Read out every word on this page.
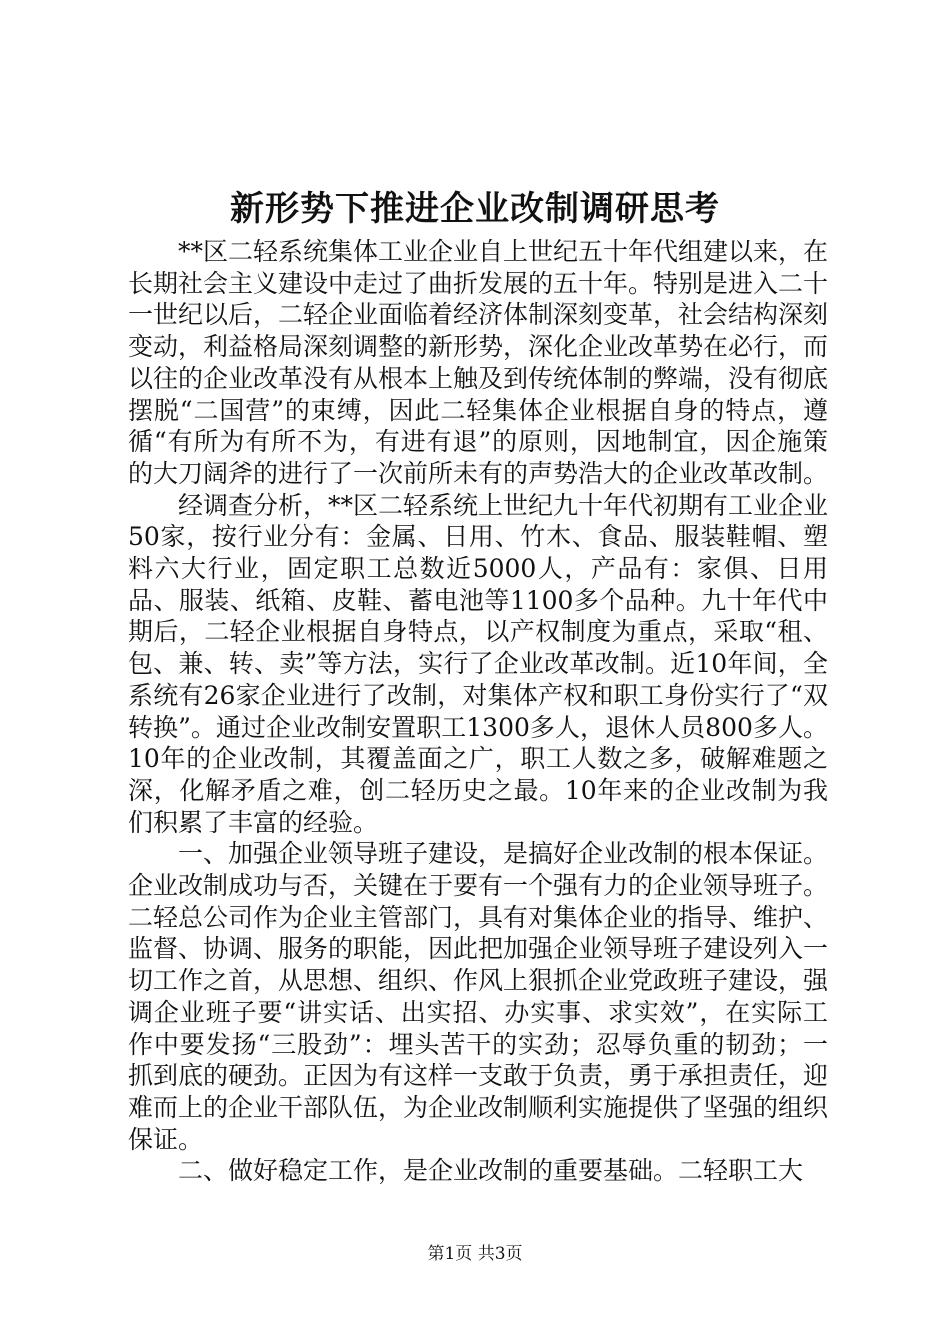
新形势下推进企业改制调研思考

**区二轻系统集体工业企业自上世纪五十年代组建以来，在长期社会主义建设中走过了曲折发展的五十年。特别是进入二十一世纪以后，二轻企业面临着经济体制深刻变革，社会结构深刻变动，利益格局深刻调整的新形势，深化企业改革势在必行，而以往的企业改革没有从根本上触及到传统体制的弊端，没有彻底摆脱“二国营”的束缚，因此二轻集体企业根据自身的特点，遵循“有所为有所不为，有进有退”的原则，因地制宜，因企施策的大刀阔斧的进行了一次前所未有的声势浩大的企业改革改制。

经调查分析，**区二轻系统上世纪九十年代初期有工业企业50家，按行业分有：金属、日用、竹木、食品、服装鞋帽、塑料六大行业，固定职工总数近5000人，产品有：家俱、日用品、服装、纸箱、皮鞋、蓄电池等1100多个品种。九十年代中期后，二轻企业根据自身特点，以产权制度为重点，采取“租、包、兼、转、卖”等方法，实行了企业改革改制。近10年间，全系统有26家企业进行了改制，对集体产权和职工身份实行了“双转换”。通过企业改制安置职工1300多人，退休人员800多人。10年的企业改制，其覆盖面之广，职工人数之多，破解难题之深，化解矛盾之难，创二轻历史之最。10年来的企业改制为我们积累了丰富的经验。

一、加强企业领导班子建设，是搞好企业改制的根本保证。企业改制成功与否，关键在于要有一个强有力的企业领导班子。二轻总公司作为企业主管部门，具有对集体企业的指导、维护、监督、协调、服务的职能，因此把加强企业领导班子建设列入一切工作之首，从思想、组织、作风上狠抓企业党政班子建设，强调企业班子要“讲实话、出实招、办实事、求实效”，在实际工作中要发扬“三股劲”：埋头苦干的实劲；忍辱负重的韧劲；一抓到底的硬劲。正因为有这样一支敢于负责，勇于承担责任，迎难而上的企业干部队伍，为企业改制顺利实施提供了坚强的组织保证。

二、做好稳定工作，是企业改制的重要基础。二轻职工大

第1页 共3页
